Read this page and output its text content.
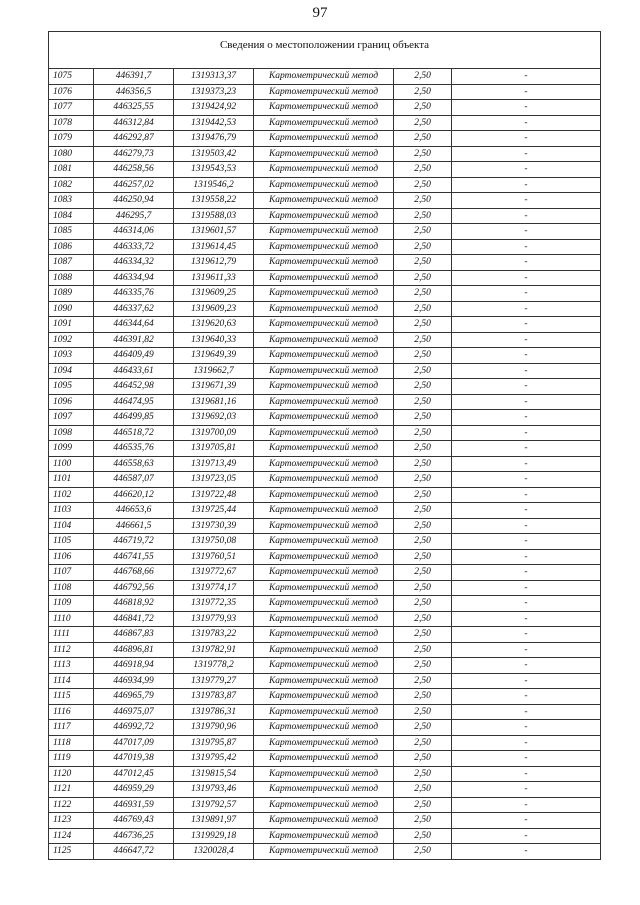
97
Сведения о местоположении границ объекта					
1075	446391,7	1319313,37	Картометрический метод	2,50	-
1076	446356,5	1319373,23	Картометрический метод	2,50	-
1077	446325,55	1319424,92	Картометрический метод	2,50	-
1078	446312,84	1319442,53	Картометрический метод	2,50	-
1079	446292,87	1319476,79	Картометрический метод	2,50	-
1080	446279,73	1319503,42	Картометрический метод	2,50	-
1081	446258,56	1319543,53	Картометрический метод	2,50	-
1082	446257,02	1319546,2	Картометрический метод	2,50	-
1083	446250,94	1319558,22	Картометрический метод	2,50	-
1084	446295,7	1319588,03	Картометрический метод	2,50	-
1085	446314,06	1319601,57	Картометрический метод	2,50	-
1086	446333,72	1319614,45	Картометрический метод	2,50	-
1087	446334,32	1319612,79	Картометрический метод	2,50	-
1088	446334,94	1319611,33	Картометрический метод	2,50	-
1089	446335,76	1319609,25	Картометрический метод	2,50	-
1090	446337,62	1319609,23	Картометрический метод	2,50	-
1091	446344,64	1319620,63	Картометрический метод	2,50	-
1092	446391,82	1319640,33	Картометрический метод	2,50	-
1093	446409,49	1319649,39	Картометрический метод	2,50	-
1094	446433,61	1319662,7	Картометрический метод	2,50	-
1095	446452,98	1319671,39	Картометрический метод	2,50	-
1096	446474,95	1319681,16	Картометрический метод	2,50	-
1097	446499,85	1319692,03	Картометрический метод	2,50	-
1098	446518,72	1319700,09	Картометрический метод	2,50	-
1099	446535,76	1319705,81	Картометрический метод	2,50	-
1100	446558,63	1319713,49	Картометрический метод	2,50	-
1101	446587,07	1319723,05	Картометрический метод	2,50	-
1102	446620,12	1319722,48	Картометрический метод	2,50	-
1103	446653,6	1319725,44	Картометрический метод	2,50	-
1104	446661,5	1319730,39	Картометрический метод	2,50	-
1105	446719,72	1319750,08	Картометрический метод	2,50	-
1106	446741,55	1319760,51	Картометрический метод	2,50	-
1107	446768,66	1319772,67	Картометрический метод	2,50	-
1108	446792,56	1319774,17	Картометрический метод	2,50	-
1109	446818,92	1319772,35	Картометрический метод	2,50	-
1110	446841,72	1319779,93	Картометрический метод	2,50	-
1111	446867,83	1319783,22	Картометрический метод	2,50	-
1112	446896,81	1319782,91	Картометрический метод	2,50	-
1113	446918,94	1319778,2	Картометрический метод	2,50	-
1114	446934,99	1319779,27	Картометрический метод	2,50	-
1115	446965,79	1319783,87	Картометрический метод	2,50	-
1116	446975,07	1319786,31	Картометрический метод	2,50	-
1117	446992,72	1319790,96	Картометрический метод	2,50	-
1118	447017,09	1319795,87	Картометрический метод	2,50	-
1119	447019,38	1319795,42	Картометрический метод	2,50	-
1120	447012,45	1319815,54	Картометрический метод	2,50	-
1121	446959,29	1319793,46	Картометрический метод	2,50	-
1122	446931,59	1319792,57	Картометрический метод	2,50	-
1123	446769,43	1319891,97	Картометрический метод	2,50	-
1124	446736,25	1319929,18	Картометрический метод	2,50	-
1125	446647,72	1320028,4	Картометрический метод	2,50	-
